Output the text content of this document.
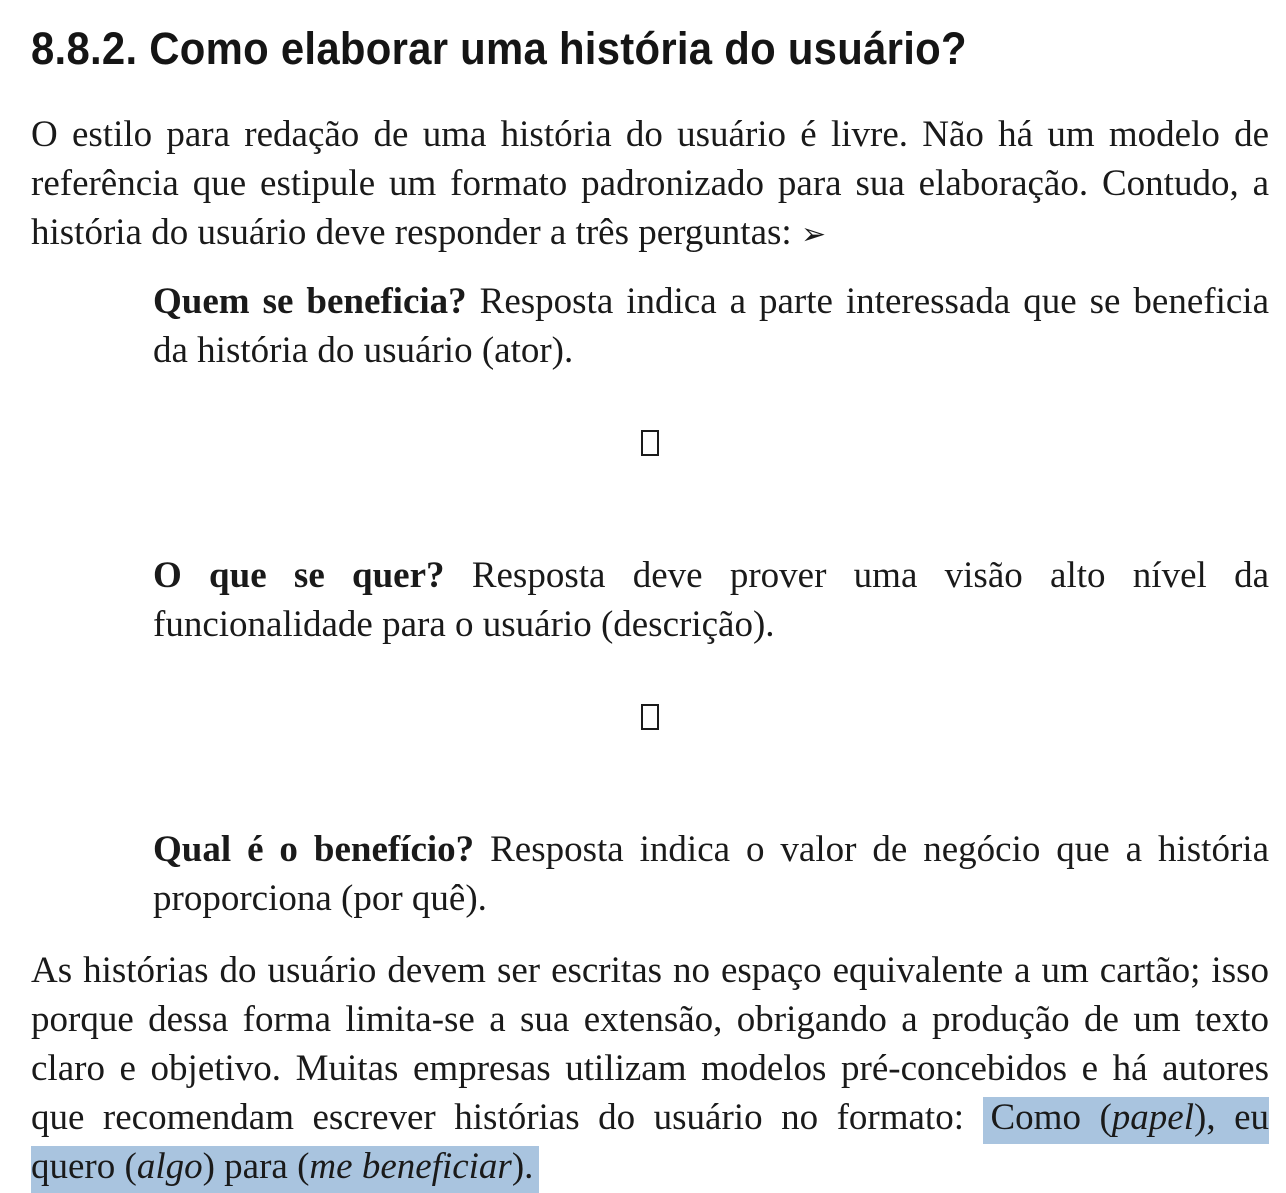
8.8.2. Como elaborar uma história do usuário?

O estilo para redação de uma história do usuário é livre. Não há um modelo de referência que estipule um formato padronizado para sua elaboração. Contudo, a história do usuário deve responder a três perguntas: ➢

Quem se beneficia? Resposta indica a parte interessada que se beneficia da história do usuário (ator).
O que se quer? Resposta deve prover uma visão alto nível da funcionalidade para o usuário (descrição).
Qual é o benefício? Resposta indica o valor de negócio que a história proporciona (por quê).

As histórias do usuário devem ser escritas no espaço equivalente a um cartão; isso porque dessa forma limita-se a sua extensão, obrigando a produção de um texto claro e objetivo. Muitas empresas utilizam modelos pré-concebidos e há autores que recomendam escrever histórias do usuário no formato: Como (papel), eu quero (algo) para (me beneficiar).
